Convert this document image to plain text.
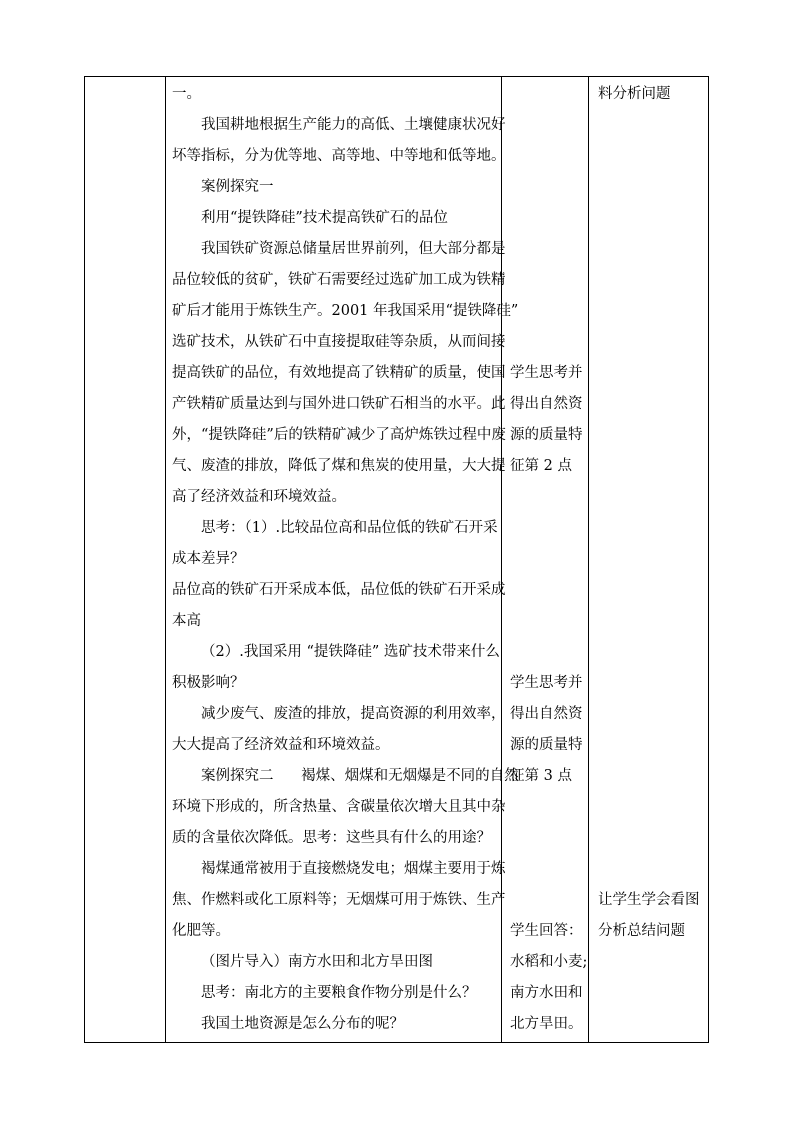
一。
我国耕地根据生产能力的高低、土壤健康状况好
坏等指标，分为优等地、高等地、中等地和低等地。
案例探究一
利用“提铁降硅”技术提高铁矿石的品位
我国铁矿资源总储量居世界前列，但大部分都是
品位较低的贫矿，铁矿石需要经过选矿加工成为铁精
矿后才能用于炼铁生产。2001 年我国采用“提铁降硅”
选矿技术，从铁矿石中直接提取硅等杂质，从而间接
提高铁矿的品位，有效地提高了铁精矿的质量，使国
产铁精矿质量达到与国外进口铁矿石相当的水平。此
外，“提铁降硅”后的铁精矿减少了高炉炼铁过程中废
气、废渣的排放，降低了煤和焦炭的使用量，大大提
高了经济效益和环境效益。
思考：（1）.比较品位高和品位低的铁矿石开采
成本差异？
品位高的铁矿石开采成本低，品位低的铁矿石开采成
本高
（2）.我国采用 “提铁降硅” 选矿技术带来什么
积极影响？
减少废气、废渣的排放，提高资源的利用效率，
大大提高了经济效益和环境效益。
案例探究二      褐煤、烟煤和无烟爆是不同的自然
环境下形成的，所含热量、含碳量依次增大且其中杂
质的含量依次降低。思考：这些具有什么的用途？
褐煤通常被用于直接燃烧发电；烟煤主要用于炼
焦、作燃料或化工原料等；无烟煤可用于炼铁、生产
化肥等。
（图片导入）南方水田和北方旱田图
思考：南北方的主要粮食作物分别是什么？
我国土地资源是怎么分布的呢？
学生思考并
得出自然资
源的质量特
征第 2 点
学生思考并
得出自然资
源的质量特
征第 3 点
学生回答：
水稻和小麦;
南方水田和
北方旱田。
料分析问题
让学生学会看图
分析总结问题
